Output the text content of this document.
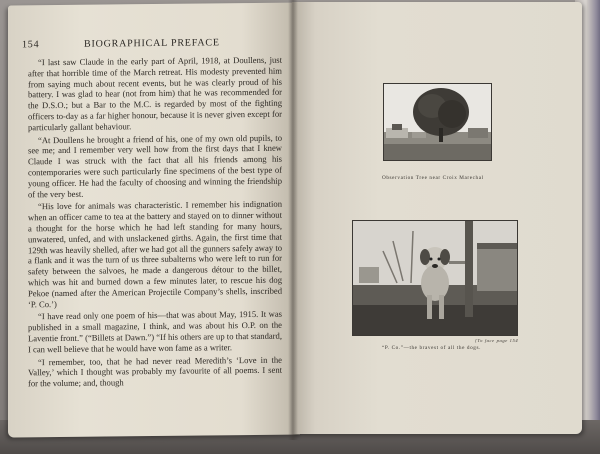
154	BIOGRAPHICAL PREFACE

“I last saw Claude in the early part of April, 1918, at Doullens, just after that horrible time of the March retreat. His modesty prevented him from saying much about recent events, but he was clearly proud of his battery. I was glad to hear (not from him) that he was recommended for the D.S.O.; but a Bar to the M.C. is regarded by most of the fighting officers to-day as a far higher honour, because it is never given except for particularly gallant behaviour.

“At Doullens he brought a friend of his, one of my own old pupils, to see me; and I remember very well how from the first days that I knew Claude I was struck with the fact that all his friends among his contemporaries were such particularly fine specimens of the best type of young officer. He had the faculty of choosing and winning the friendship of the very best.

“His love for animals was characteristic. I remember his indignation when an officer came to tea at the battery and stayed on to dinner without a thought for the horse which he had left standing for many hours, unwatered, unfed, and with unslackened girths. Again, the first time that 129th was heavily shelled, after we had got all the gunners safely away to a flank and it was the turn of us three subalterns who were left to run for safety between the salvoes, he made a dangerous détour to the billet, which was hit and burned down a few minutes later, to rescue his dog Pekoe (named after the American Projectile Company’s shells, inscribed ‘P. Co.’)

“I have read only one poem of his—that was about May, 1915. It was published in a small magazine, I think, and was about his O.P. on the Laventie front.” (“Billets at Dawn.”) “If his others are up to that standard, I can well believe that he would have won fame as a writer.

“I remember, too, that he had never read Meredith’s ‘Love in the Valley,’ which I thought was probably my favourite of all poems. I sent for the volume; and, though

Observation Tree near Croix Marechal
[To face page 154
“P. Co.”—the bravest of all the dogs.
